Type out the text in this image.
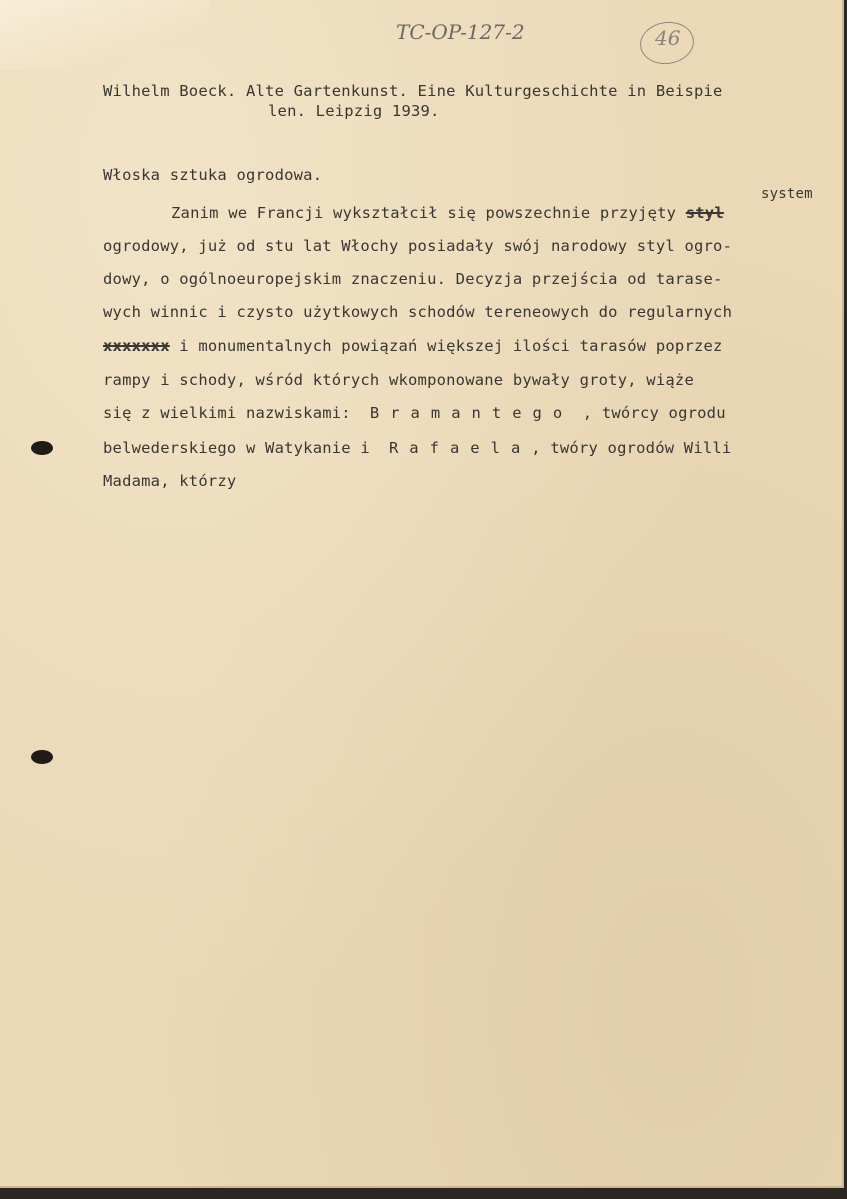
TC-OP-127-2	46
Wilhelm Boeck. Alte Gartenkunst. Eine Kulturgeschichte in Beispie
len. Leipzig 1939.
Włoska sztuka ogrodowa.
system
Zanim we Francji wykształcił się powszechnie przyjęty styl
ogrodowy, już od stu lat Włochy posiadały swój narodowy styl ogro-
dowy, o ogólnoeuropejskim znaczeniu. Decyzja przejścia od tarase-
wych winnic i czysto użytkowych schodów tereneowych do regularnych
xxxxxxx i monumentalnych powiązań większej ilości tarasów poprzez
rampy i schody, wśród których wkomponowane bywały groty, wiąże
się z wielkimi nazwiskami:  Bramantego , twórcy ogrodu
belwederskiego w Watykanie i  Rafaela, twóry ogrodów Willi
Madama, którzy
